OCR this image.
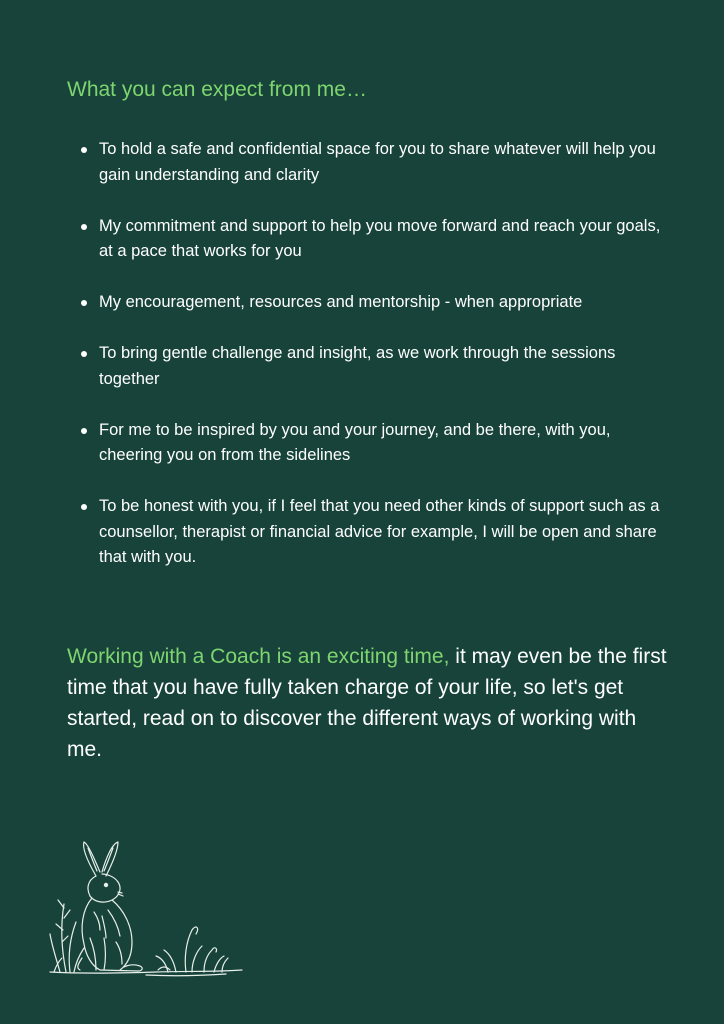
What you can expect from me…
To hold a safe and confidential space for you to share whatever will help you gain understanding and clarity
My commitment and support to help you move forward and reach your goals, at a pace that works for you
My encouragement, resources and mentorship - when appropriate
To bring gentle challenge and insight, as we work through the sessions together
For me to be inspired by you and your journey, and be there, with you, cheering you on from the sidelines
To be honest with you, if I feel that you need other kinds of support such as a counsellor, therapist or financial advice for example, I will be open and share that with you.

Working with a Coach is an exciting time, it may even be the first time that you have fully taken charge of your life, so let's get started, read on to discover the different ways of working with me.
